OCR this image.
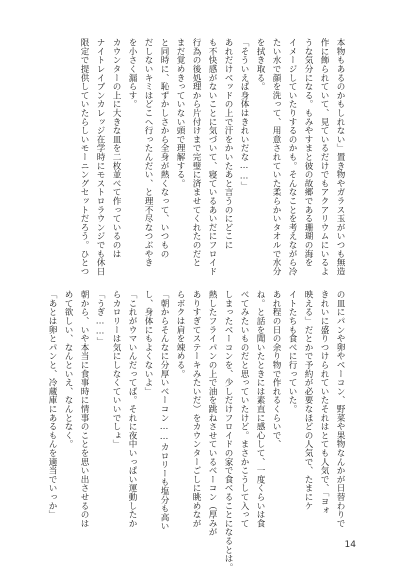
本物もあるのかもしれない」置き物やガラス玉がいつも無造
作に飾られていて、見ているだけでもアクアリウムにいるよ
うな気分になる。もみやすまと彼の故郷である珊瑚の海を
イメージしていたりするのかも。そんなことを考えながら冷
たい水で顔を洗って、用意されていた柔らかいタオルで水分
を拭き取る。
「そういえば身体はきれいだな……」
あれだけベッドの上で汗をかいたあと言うのにどこに
も不快感がないことに気づいて、寝ているあいだにフロイド
行為の後処理から片付けまで完璧に済ませてくれたのだと
まだ覚めきっていない頭で理解する。
と同時に、恥ずかしさから全身が熱くなって、いつもの
だしないキミはどこへ行ったんだい、と理不尽なつぶやき
を小さく漏らす。
カウンターの上に大きな皿を二枚並べて作っているのは
ナイトレイブンカレッジ在学時にモストロラウンジでも休日
限定で提供していたらしいモーニングセットだろう。ひとつ
の皿にパンや卵やベーコン、野菜や果物なんかが日替わりで
きれいに盛りつけられていたそれはとても人気で、「ヨォ
映える」だとかで予約が必要なほどの人気で、たまにケ
イトたちも食べに行っていた。
あれ程の日の余り物で作れるくらいで、
ね。と話を聞いたときには素直に感心して、一度くらいは食
べてみたいものだと思っていたけど。まさかこうして入って
しまったベーコンを、少しだけフロイドの家で食べることになるとは。
熱したフライパンの上で油を跳ねさせているベーコン（厚みが
ありすぎてステーキみたいだ）をカウンターごしに眺めなが
らボクは肩を竦める。
「朝からそんなに分厚いベーコン……カロリーも塩分も高い
し、身体にもよくないよ」
「これがウマいんだってば。それに夜中いっぱい運動したか
らカロリーは気にしなくていいでしょ」
「うぎ……」
朝から、いや本当に食事時に情事のことを思い出させるのは
めて欲しい、なんといえ、なんとなく。
「あとは卵とパンと、冷蔵庫にあるもんを適当でいっか」
14
